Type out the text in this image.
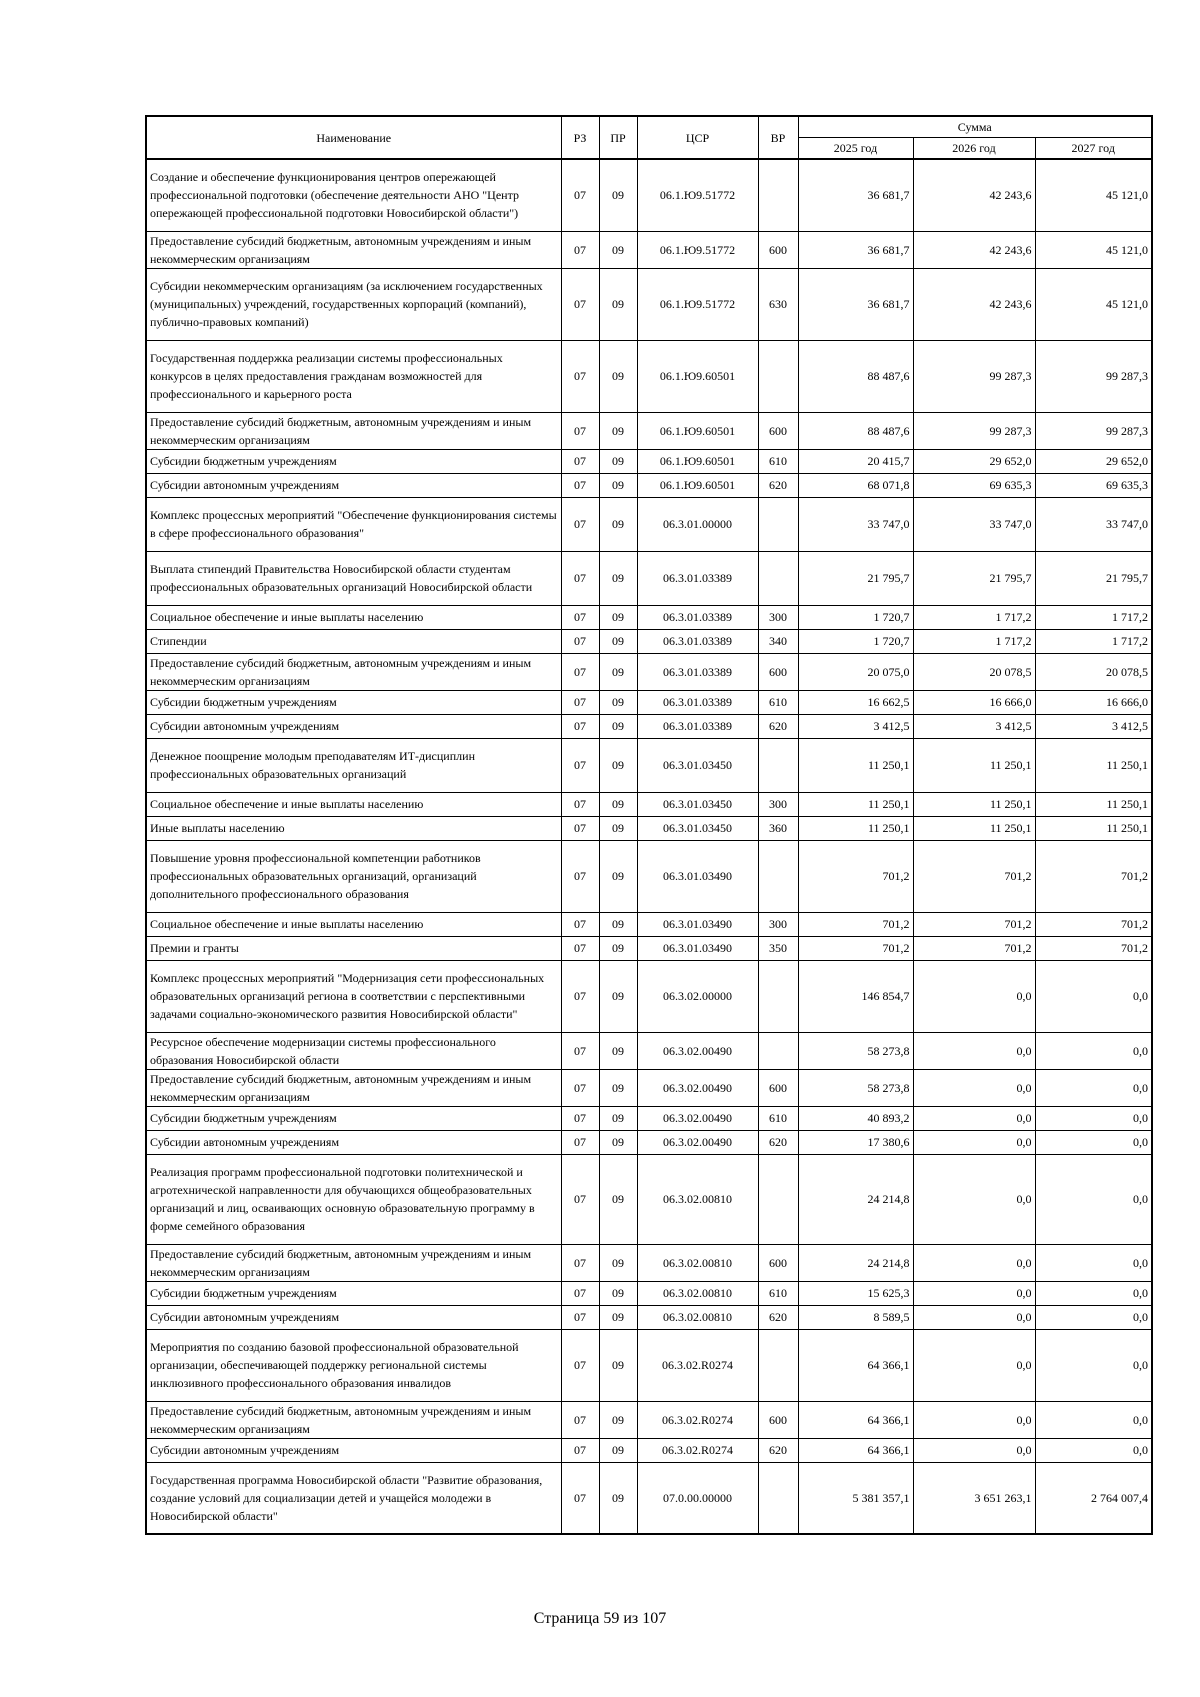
Наименование	РЗ	ПР	ЦСР	ВР	Сумма		
					2025 год	2026 год	2027 год
Создание и обеспечение функционирования центров опережающей профессиональной подготовки (обеспечение деятельности АНО "Центр опережающей профессиональной подготовки Новосибирской области")	07	09	06.1.Ю9.51772		36 681,7	42 243,6	45 121,0
Предоставление субсидий бюджетным, автономным учреждениям и иным некоммерческим организациям	07	09	06.1.Ю9.51772	600	36 681,7	42 243,6	45 121,0
Субсидии некоммерческим организациям (за исключением государственных (муниципальных) учреждений, государственных корпораций (компаний), публично-правовых компаний)	07	09	06.1.Ю9.51772	630	36 681,7	42 243,6	45 121,0
Государственная поддержка реализации системы профессиональных конкурсов в целях предоставления гражданам возможностей для профессионального и карьерного роста	07	09	06.1.Ю9.60501		88 487,6	99 287,3	99 287,3
Предоставление субсидий бюджетным, автономным учреждениям и иным некоммерческим организациям	07	09	06.1.Ю9.60501	600	88 487,6	99 287,3	99 287,3
Субсидии бюджетным учреждениям	07	09	06.1.Ю9.60501	610	20 415,7	29 652,0	29 652,0
Субсидии автономным учреждениям	07	09	06.1.Ю9.60501	620	68 071,8	69 635,3	69 635,3
Комплекс процессных мероприятий "Обеспечение функционирования системы в сфере профессионального образования"	07	09	06.3.01.00000		33 747,0	33 747,0	33 747,0
Выплата стипендий Правительства Новосибирской области студентам профессиональных образовательных организаций Новосибирской области	07	09	06.3.01.03389		21 795,7	21 795,7	21 795,7
Социальное обеспечение и иные выплаты населению	07	09	06.3.01.03389	300	1 720,7	1 717,2	1 717,2
Стипендии	07	09	06.3.01.03389	340	1 720,7	1 717,2	1 717,2
Предоставление субсидий бюджетным, автономным учреждениям и иным некоммерческим организациям	07	09	06.3.01.03389	600	20 075,0	20 078,5	20 078,5
Субсидии бюджетным учреждениям	07	09	06.3.01.03389	610	16 662,5	16 666,0	16 666,0
Субсидии автономным учреждениям	07	09	06.3.01.03389	620	3 412,5	3 412,5	3 412,5
Денежное поощрение молодым преподавателям ИТ-дисциплин профессиональных образовательных организаций	07	09	06.3.01.03450		11 250,1	11 250,1	11 250,1
Социальное обеспечение и иные выплаты населению	07	09	06.3.01.03450	300	11 250,1	11 250,1	11 250,1
Иные выплаты населению	07	09	06.3.01.03450	360	11 250,1	11 250,1	11 250,1
Повышение уровня профессиональной компетенции работников профессиональных образовательных организаций, организаций дополнительного профессионального образования	07	09	06.3.01.03490		701,2	701,2	701,2
Социальное обеспечение и иные выплаты населению	07	09	06.3.01.03490	300	701,2	701,2	701,2
Премии и гранты	07	09	06.3.01.03490	350	701,2	701,2	701,2
Комплекс процессных мероприятий "Модернизация сети профессиональных образовательных организаций региона в соответствии с перспективными задачами социально-экономического развития Новосибирской области"	07	09	06.3.02.00000		146 854,7	0,0	0,0
Ресурсное обеспечение модернизации системы профессионального образования Новосибирской области	07	09	06.3.02.00490		58 273,8	0,0	0,0
Предоставление субсидий бюджетным, автономным учреждениям и иным некоммерческим организациям	07	09	06.3.02.00490	600	58 273,8	0,0	0,0
Субсидии бюджетным учреждениям	07	09	06.3.02.00490	610	40 893,2	0,0	0,0
Субсидии автономным учреждениям	07	09	06.3.02.00490	620	17 380,6	0,0	0,0
Реализация программ профессиональной подготовки политехнической и агротехнической направленности для обучающихся общеобразовательных организаций и лиц, осваивающих основную образовательную программу в форме семейного образования	07	09	06.3.02.00810		24 214,8	0,0	0,0
Предоставление субсидий бюджетным, автономным учреждениям и иным некоммерческим организациям	07	09	06.3.02.00810	600	24 214,8	0,0	0,0
Субсидии бюджетным учреждениям	07	09	06.3.02.00810	610	15 625,3	0,0	0,0
Субсидии автономным учреждениям	07	09	06.3.02.00810	620	8 589,5	0,0	0,0
Мероприятия по созданию базовой профессиональной образовательной организации, обеспечивающей поддержку региональной системы инклюзивного профессионального образования инвалидов	07	09	06.3.02.R0274		64 366,1	0,0	0,0
Предоставление субсидий бюджетным, автономным учреждениям и иным некоммерческим организациям	07	09	06.3.02.R0274	600	64 366,1	0,0	0,0
Субсидии автономным учреждениям	07	09	06.3.02.R0274	620	64 366,1	0,0	0,0
Государственная программа Новосибирской области "Развитие образования, создание условий для социализации детей и учащейся молодежи в Новосибирской области"	07	09	07.0.00.00000		5 381 357,1	3 651 263,1	2 764 007,4
Страница 59 из 107
